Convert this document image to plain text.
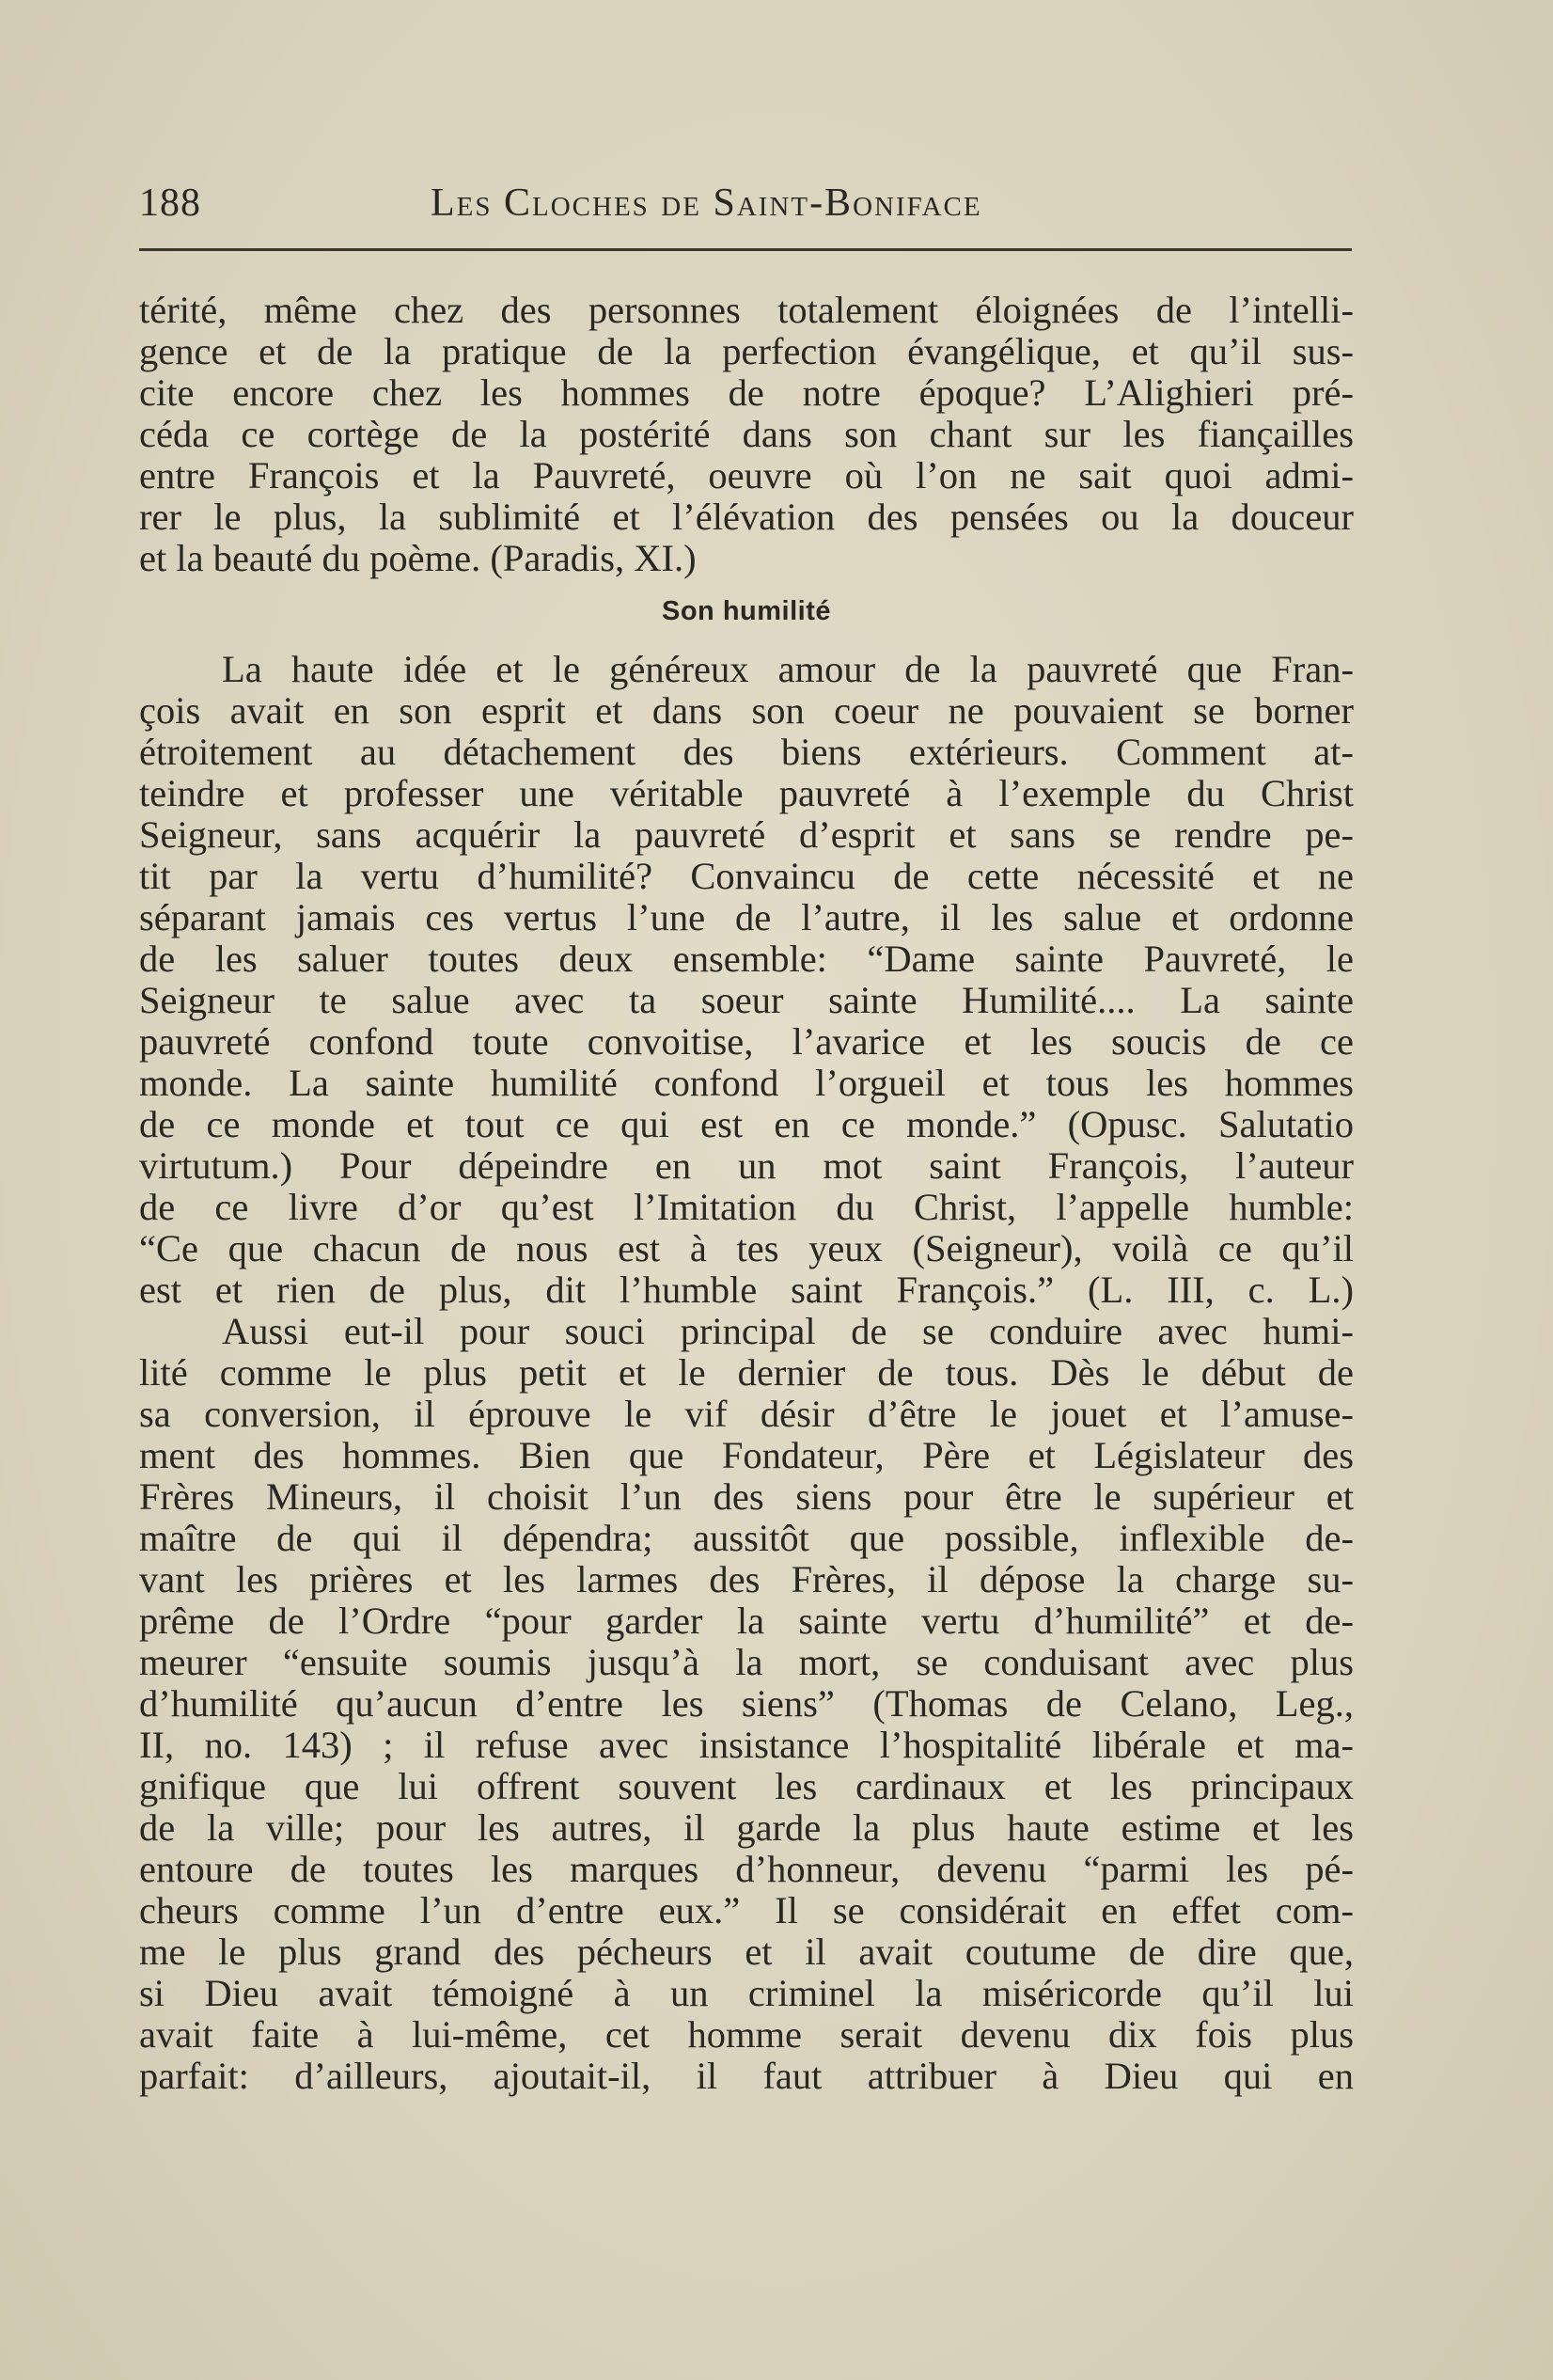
188	Les Cloches de Saint-Boniface
térité, même chez des personnes totalement éloignées de l’intelli-
gence et de la pratique de la perfection évangélique, et qu’il sus-
cite encore chez les hommes de notre époque? L’Alighieri pré-
céda ce cortège de la postérité dans son chant sur les fiançailles
entre François et la Pauvreté, oeuvre où l’on ne sait quoi admi-
rer le plus, la sublimité et l’élévation des pensées ou la douceur
et la beauté du poème. (Paradis, XI.)
Son humilité
La haute idée et le généreux amour de la pauvreté que Fran-
çois avait en son esprit et dans son coeur ne pouvaient se borner
étroitement au détachement des biens extérieurs. Comment at-
teindre et professer une véritable pauvreté à l’exemple du Christ
Seigneur, sans acquérir la pauvreté d’esprit et sans se rendre pe-
tit par la vertu d’humilité? Convaincu de cette nécessité et ne
séparant jamais ces vertus l’une de l’autre, il les salue et ordonne
de les saluer toutes deux ensemble: “Dame sainte Pauvreté, le
Seigneur te salue avec ta soeur sainte Humilité.... La sainte
pauvreté confond toute convoitise, l’avarice et les soucis de ce
monde. La sainte humilité confond l’orgueil et tous les hommes
de ce monde et tout ce qui est en ce monde.” (Opusc. Salutatio
virtutum.) Pour dépeindre en un mot saint François, l’auteur
de ce livre d’or qu’est l’Imitation du Christ, l’appelle humble:
“Ce que chacun de nous est à tes yeux (Seigneur), voilà ce qu’il
est et rien de plus, dit l’humble saint François.” (L. III, c. L.)
Aussi eut-il pour souci principal de se conduire avec humi-
lité comme le plus petit et le dernier de tous. Dès le début de
sa conversion, il éprouve le vif désir d’être le jouet et l’amuse-
ment des hommes. Bien que Fondateur, Père et Législateur des
Frères Mineurs, il choisit l’un des siens pour être le supérieur et
maître de qui il dépendra; aussitôt que possible, inflexible de-
vant les prières et les larmes des Frères, il dépose la charge su-
prême de l’Ordre “pour garder la sainte vertu d’humilité” et de-
meurer “ensuite soumis jusqu’à la mort, se conduisant avec plus
d’humilité qu’aucun d’entre les siens” (Thomas de Celano, Leg.,
II, no. 143) ; il refuse avec insistance l’hospitalité libérale et ma-
gnifique que lui offrent souvent les cardinaux et les principaux
de la ville; pour les autres, il garde la plus haute estime et les
entoure de toutes les marques d’honneur, devenu “parmi les pé-
cheurs comme l’un d’entre eux.” Il se considérait en effet com-
me le plus grand des pécheurs et il avait coutume de dire que,
si Dieu avait témoigné à un criminel la miséricorde qu’il lui
avait faite à lui-même, cet homme serait devenu dix fois plus
parfait: d’ailleurs, ajoutait-il, il faut attribuer à Dieu qui en
